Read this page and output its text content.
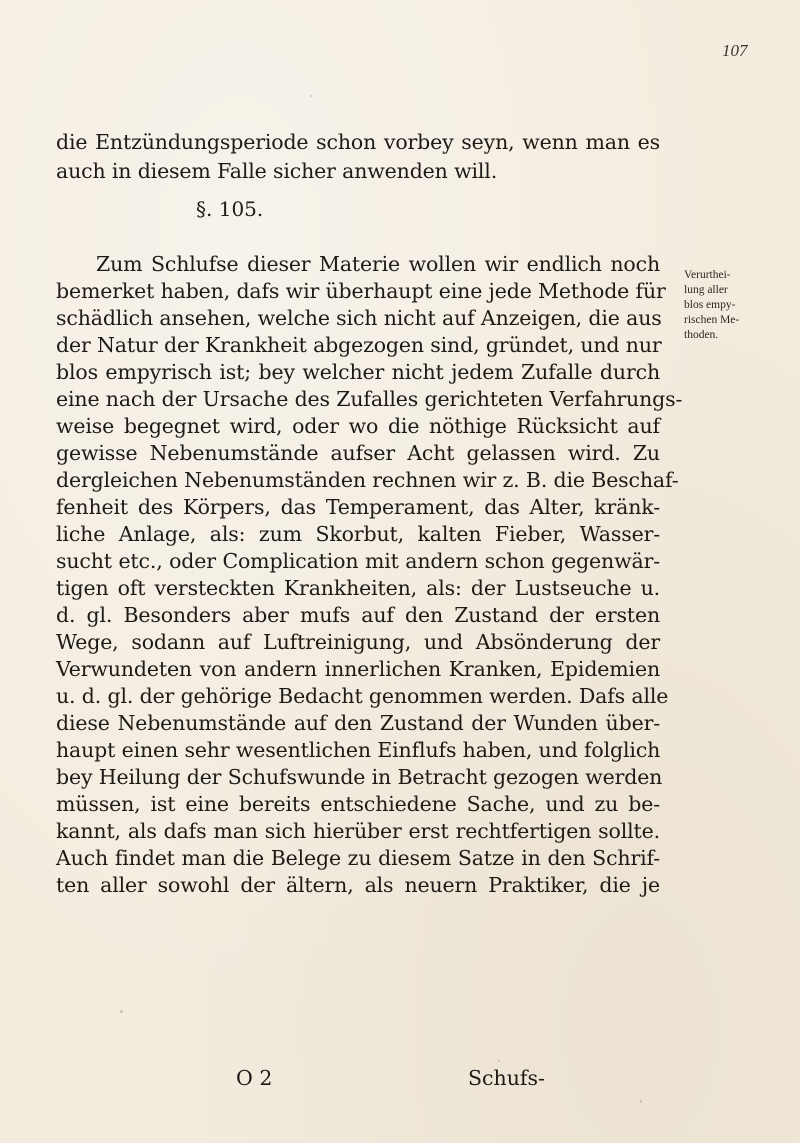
107
die Entzündungsperiode schon vorbey seyn, wenn man es
auch in diesem Falle sicher anwenden will.
§. 105.
Zum Schlufse dieser Materie wollen wir endlich noch
bemerket haben, dafs wir überhaupt eine jede Methode für
schädlich ansehen, welche sich nicht auf Anzeigen, die aus
der Natur der Krankheit abgezogen sind, gründet, und nur
blos empyrisch ist; bey welcher nicht jedem Zufalle durch
eine nach der Ursache des Zufalles gerichteten Verfahrungs-
weise begegnet wird, oder wo die nöthige Rücksicht auf
gewisse Nebenumstände aufser Acht gelassen wird. Zu
dergleichen Nebenumständen rechnen wir z. B. die Beschaf-
fenheit des Körpers, das Temperament, das Alter, kränk-
liche Anlage, als: zum Skorbut, kalten Fieber, Wasser-
sucht etc., oder Complication mit andern schon gegenwär-
tigen oft versteckten Krankheiten, als: der Lustseuche u.
d. gl. Besonders aber mufs auf den Zustand der ersten
Wege, sodann auf Luftreinigung, und Absönderung der
Verwundeten von andern innerlichen Kranken, Epidemien
u. d. gl. der gehörige Bedacht genommen werden. Dafs alle
diese Nebenumstände auf den Zustand der Wunden über-
haupt einen sehr wesentlichen Einflufs haben, und folglich
bey Heilung der Schufswunde in Betracht gezogen werden
müssen, ist eine bereits entschiedene Sache, und zu be-
kannt, als dafs man sich hierüber erst rechtfertigen sollte.
Auch findet man die Belege zu diesem Satze in den Schrif-
ten aller sowohl der ältern, als neuern Praktiker, die je
Verurthei-
lung aller
blos empy-
rischen Me-
thoden.
O 2	Schufs-
